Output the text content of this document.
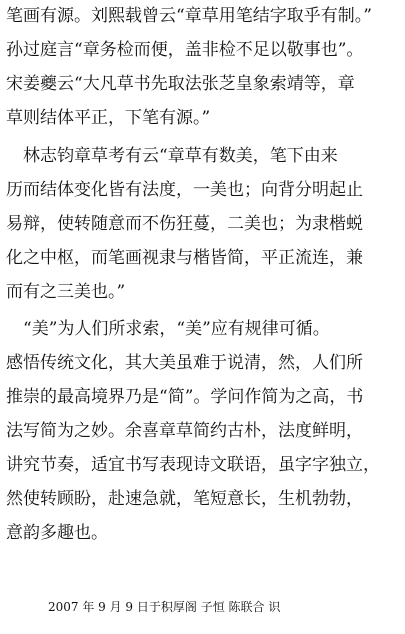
笔画有源。刘熙载曾云“章草用笔结字取乎有制。”
孙过庭言“章务检而便，盖非检不足以敬事也”。
宋姜夔云“大凡草书先取法张芝皇象索靖等，章
草则结体平正，下笔有源。”
　林志钧章草考有云“章草有数美，笔下由来
历而结体变化皆有法度，一美也；向背分明起止
易辩，使转随意而不伤狂蔓，二美也；为隶楷蜕
化之中枢，而笔画视隶与楷皆简，平正流连，兼
而有之三美也。”
　“美”为人们所求索，“美”应有规律可循。
感悟传统文化，其大美虽难于说清，然，人们所
推崇的最高境界乃是“简”。学问作简为之高，书
法写简为之妙。余喜章草简约古朴，法度鲜明，
讲究节奏，适宜书写表现诗文联语，虽字字独立，
然使转顾盼，赴速急就，笔短意长，生机勃勃，
意韵多趣也。
2007 年 9 月 9 日于积厚阁 子恒 陈联合 识
